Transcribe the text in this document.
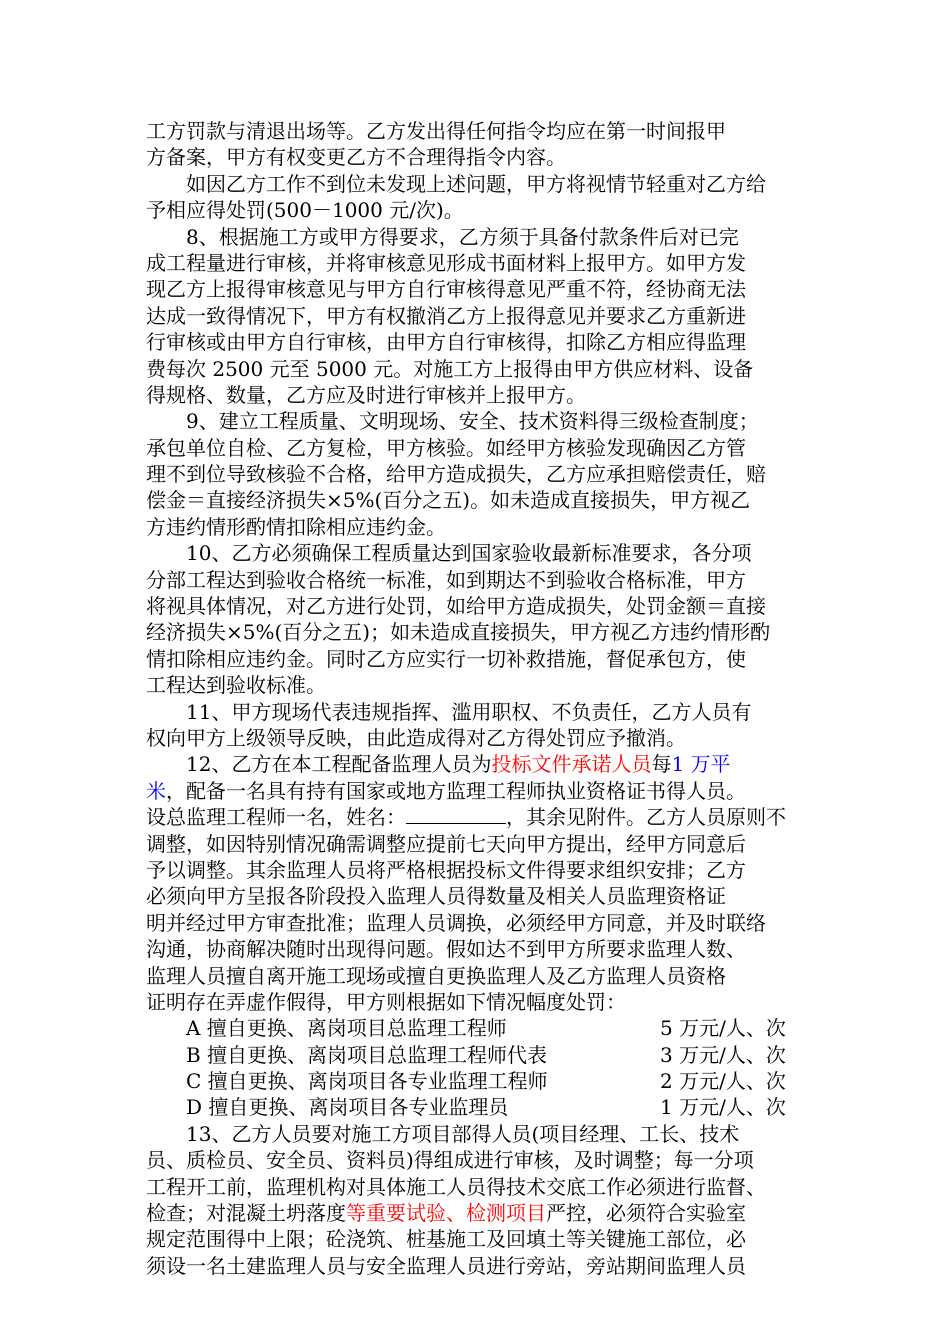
工方罚款与清退出场等。乙方发出得任何指令均应在第一时间报甲
方备案，甲方有权变更乙方不合理得指令内容。
如因乙方工作不到位未发现上述问题，甲方将视情节轻重对乙方给
予相应得处罚(500－1000 元/次)。
8、根据施工方或甲方得要求，乙方须于具备付款条件后对已完
成工程量进行审核，并将审核意见形成书面材料上报甲方。如甲方发
现乙方上报得审核意见与甲方自行审核得意见严重不符，经协商无法
达成一致得情况下，甲方有权撤消乙方上报得意见并要求乙方重新进
行审核或由甲方自行审核，由甲方自行审核得，扣除乙方相应得监理
费每次 2500 元至 5000 元。对施工方上报得由甲方供应材料、设备
得规格、数量，乙方应及时进行审核并上报甲方。
9、建立工程质量、文明现场、安全、技术资料得三级检查制度；
承包单位自检、乙方复检，甲方核验。如经甲方核验发现确因乙方管
理不到位导致核验不合格，给甲方造成损失，乙方应承担赔偿责任，赔
偿金＝直接经济损失×5%(百分之五)。如未造成直接损失，甲方视乙
方违约情形酌情扣除相应违约金。
10、乙方必须确保工程质量达到国家验收最新标准要求，各分项
分部工程达到验收合格统一标准，如到期达不到验收合格标准，甲方
将视具体情况，对乙方进行处罚，如给甲方造成损失，处罚金额＝直接
经济损失×5%(百分之五)；如未造成直接损失，甲方视乙方违约情形酌
情扣除相应违约金。同时乙方应实行一切补救措施，督促承包方，使
工程达到验收标准。
11、甲方现场代表违规指挥、滥用职权、不负责任，乙方人员有
权向甲方上级领导反映，由此造成得对乙方得处罚应予撤消。
12、乙方在本工程配备监理人员为投标文件承诺人员每1 万平
米，配备一名具有持有国家或地方监理工程师执业资格证书得人员。
设总监理工程师一名，姓名：	，其余见附件。乙方人员原则不
调整，如因特别情况确需调整应提前七天向甲方提出，经甲方同意后
予以调整。其余监理人员将严格根据投标文件得要求组织安排；乙方
必须向甲方呈报各阶段投入监理人员得数量及相关人员监理资格证
明并经过甲方审查批准；监理人员调换，必须经甲方同意，并及时联络
沟通，协商解决随时出现得问题。假如达不到甲方所要求监理人数、
监理人员擅自离开施工现场或擅自更换监理人及乙方监理人员资格
证明存在弄虚作假得，甲方则根据如下情况幅度处罚：
A 擅自更换、离岗项目总监理工程师	5 万元/人、次
B 擅自更换、离岗项目总监理工程师代表	3 万元/人、次
C 擅自更换、离岗项目各专业监理工程师	2 万元/人、次
D 擅自更换、离岗项目各专业监理员	1 万元/人、次
13、乙方人员要对施工方项目部得人员(项目经理、工长、技术
员、质检员、安全员、资料员)得组成进行审核，及时调整；每一分项
工程开工前，监理机构对具体施工人员得技术交底工作必须进行监督、
检查；对混凝土坍落度等重要试验、检测项目严控，必须符合实验室
规定范围得中上限；砼浇筑、桩基施工及回填土等关键施工部位，必
须设一名土建监理人员与安全监理人员进行旁站，旁站期间监理人员
